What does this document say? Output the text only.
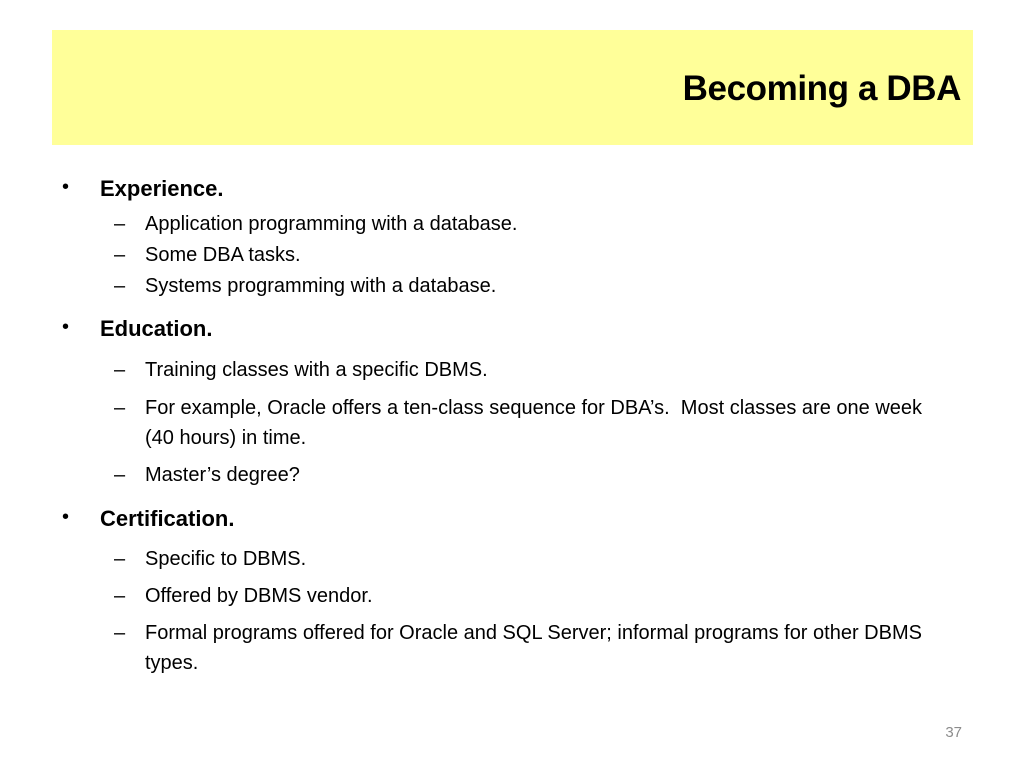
Becoming a DBA
• Experience.
– Application programming with a database.
– Some DBA tasks.
– Systems programming with a database.
• Education.
– Training classes with a specific DBMS.
– For example, Oracle offers a ten-class sequence for DBA’s.  Most classes are one week (40 hours) in time.
– Master’s degree?
• Certification.
– Specific to DBMS.
– Offered by DBMS vendor.
– Formal programs offered for Oracle and SQL Server; informal programs for other DBMS types.
37
